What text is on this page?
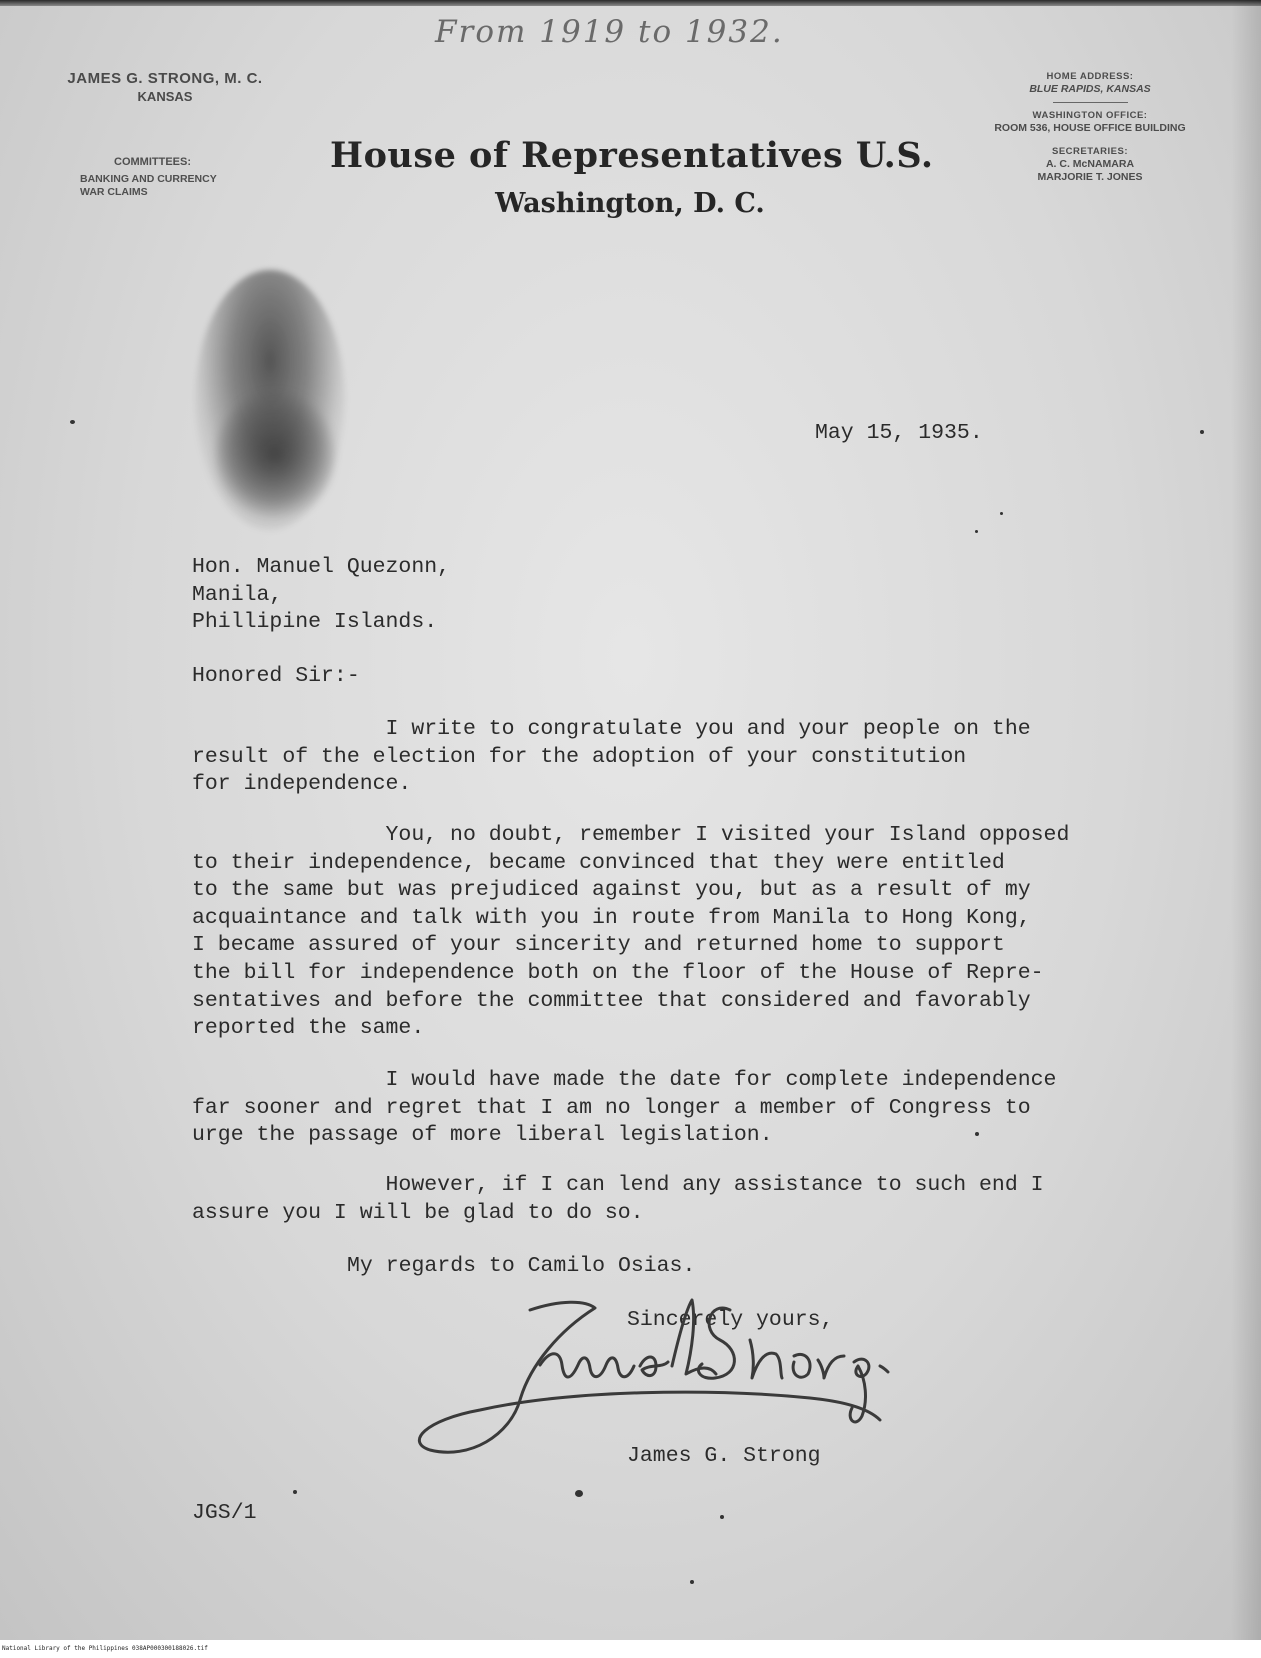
From 1919 to 1932.
JAMES G. STRONG, M. C.
KANSAS
COMMITTEES:
BANKING AND CURRENCY
WAR CLAIMS
House of Representatives U.S.
Washington, D. C.
HOME ADDRESS:
BLUE RAPIDS, KANSAS
WASHINGTON OFFICE:
ROOM 536, HOUSE OFFICE BUILDING
SECRETARIES:
A. C. McNAMARA
MARJORIE T. JONES
May 15, 1935.
Hon. Manuel Quezonn,
Manila,
Phillipine Islands.
Honored Sir:-
I write to congratulate you and your people on the
result of the election for the adoption of your constitution
for independence.
You, no doubt, remember I visited your Island opposed
to their independence, became convinced that they were entitled
to the same but was prejudiced against you, but as a result of my
acquaintance and talk with you in route from Manila to Hong Kong,
I became assured of your sincerity and returned home to support
the bill for independence both on the floor of the House of Repre-
sentatives and before the committee that considered and favorably
reported the same.
I would have made the date for complete independence
far sooner and regret that I am no longer a member of Congress to
urge the passage of more liberal legislation.
However, if I can lend any assistance to such end I
assure you I will be glad to do so.
My regards to Camilo Osias.
Sincerely yours,
James G. Strong
JGS/1
National Library of the Philippines 038AP000300188026.tif
